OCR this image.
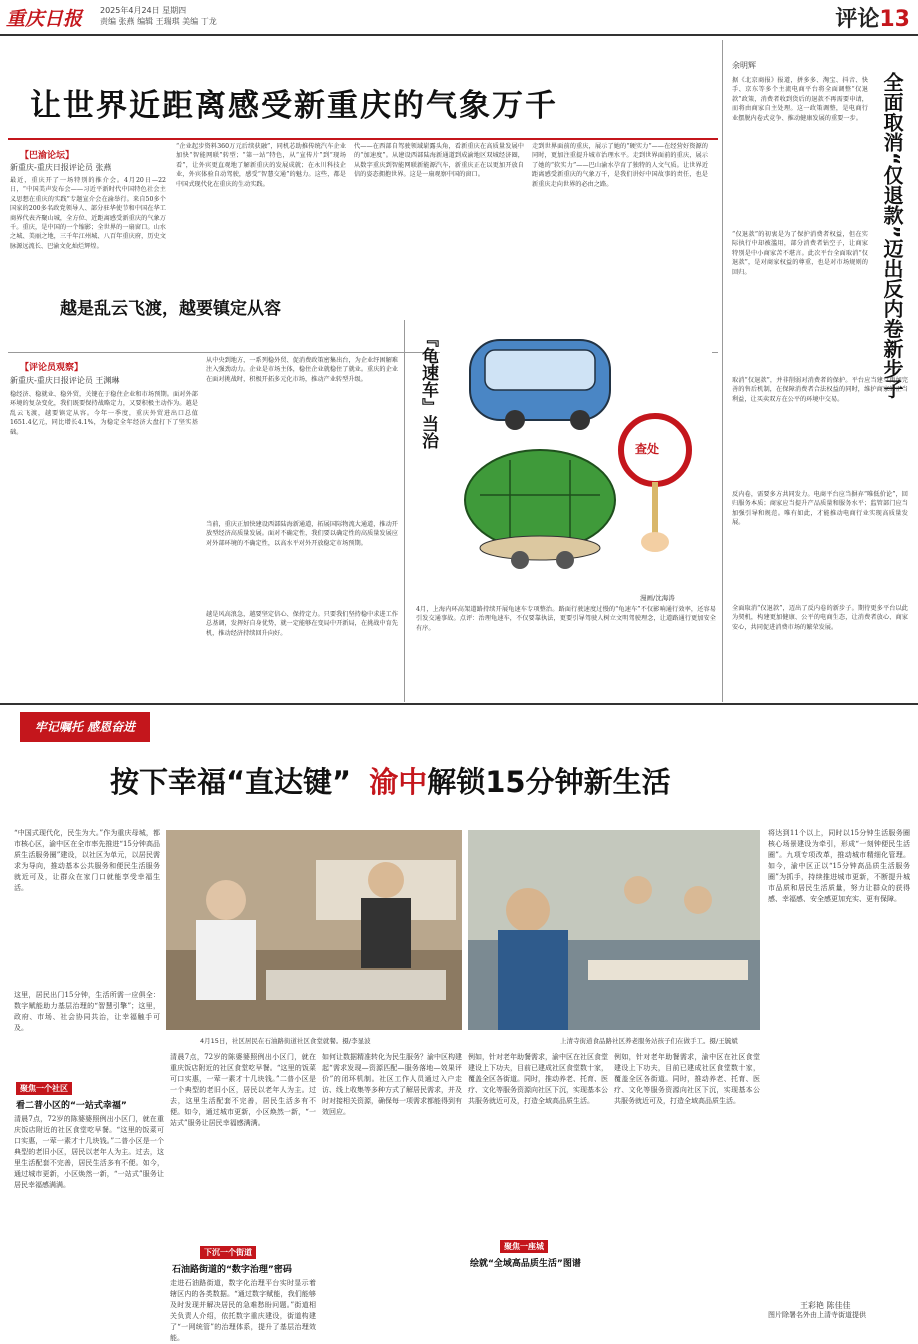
重庆日报 2025年4月24日 星期四
责编 张燕 编辑 王瑞琪 美编 丁龙	评论13
让世界近距离感受新重庆的气象万千
【巴渝论坛】
新重庆-重庆日报评论员 张燕
最近，重庆开了一场特别的推介会。4月20日—22日，“中国美声发布会——习近平新时代中国特色社会主义思想在重庆的实践”专题宣介会在渝举行。来自50多个国家的200多名政党领导人、部分驻华使节和中国在华工商界代表齐聚山城，全方位、近距离感受新重庆的气象万千。重庆，是中国的一个缩影；全世界的一扇窗口。山水之城、美丽之地，三千年江州城、八百年重庆府，历史文脉源远流长、巴渝文化灿烂辉煌。
“企业起步资料360万元后续获融”，同机芯助推传统汽车企业加快“智能网联”转型；“第一站”特色，从“宣传片”到“现场看”，让外宾更直观地了解新重庆的发展成就；在永川科技企业，外宾体验自动驾驶，感受“智慧交通”的魅力。这些，都是中国式现代化在重庆的生动实践。
代——在西部自驾驶领域崭露头角，看新重庆在高质量发展中的“加速度”。从建设西部陆海新通道到成渝地区双城经济圈，从数字重庆到智能网联新能源汽车，新重庆正在以更加开放自信的姿态拥抱世界。这是一扇观察中国的窗口。
走到世界面前的重庆，展示了她的“硬实力”——在经营好资源的同时，更加注重提升城市治理水平。走到世界面前的重庆，展示了她的“软实力”——巴山渝水孕育了独特的人文气质。让世界近距离感受新重庆的气象万千，是我们讲好中国故事的责任，也是新重庆走向世界的必由之路。
越是乱云飞渡，越要镇定从容
【评论员观察】
新重庆-重庆日报评论员 王渊琳
稳经济、稳就业、稳外贸，关键在于稳住企业和市场预期。面对外部环境的复杂变化，我们既要保持战略定力，又要积极主动作为。越是乱云飞渡，越要镇定从容。今年一季度，重庆外贸进出口总值1651.4亿元，同比增长4.1%，为稳定全年经济大盘打下了坚实基础。
从中央到地方，一系列稳外贸、促消费政策密集出台，为企业纾困解难注入强劲动力。企业是市场主体，稳住企业就稳住了就业。重庆的企业在面对挑战时，积极开拓多元化市场，推动产业转型升级。
当前，重庆正加快建设西部陆海新通道，拓展国际物流大通道，推动开放型经济高质量发展。面对不确定性，我们要以确定性的高质量发展应对外部环境的不确定性，以高水平对外开放稳定市场预期。
越是风高浪急，越要坚定信心、保持定力。只要我们坚持稳中求进工作总基调，发挥好自身优势，就一定能够在变局中开新局，在挑战中育先机，推动经济持续回升向好。
『龟速车』当治	查处
漫画/沈海涛
4月，上海内环高架道路持续开展龟速车专项整治。路面行驶速度过慢的“龟速车”不仅影响通行效率，还容易引发交通事故。点评：治理龟速车，不仅要靠执法，更要引导驾驶人树立文明驾驶理念，让道路通行更加安全有序。
余明辉
全面取消“仅退款”迈出反内卷新步子
据《北京商报》报道，拼多多、淘宝、抖音、快手、京东等多个主流电商平台将全面调整“仅退款”政策，消费者收到货后的退款不再需要申请，而将由商家自主处理。这一政策调整，是电商行业摆脱内卷式竞争、推动健康发展的重要一步。
“仅退款”的初衷是为了保护消费者权益，但在实际执行中却被滥用，部分消费者钻空子，让商家特别是中小商家苦不堪言。此次平台全面取消“仅退款”，是对商家权益的尊重，也是对市场规则的回归。
取消“仅退款”，并非削弱对消费者的保护。平台应当建立更加完善的售后机制，在保障消费者合法权益的同时，维护商家的正当利益，让买卖双方在公平的环境中交易。
反内卷，需要多方共同发力。电商平台应当摒弃“唯低价论”，回归服务本质；商家应当提升产品质量和服务水平；监管部门应当加强引导和规范。唯有如此，才能推动电商行业实现高质量发展。
全面取消“仅退款”，迈出了反内卷的新步子。期待更多平台以此为契机，构建更加健康、公平的电商生态，让消费者放心、商家安心，共同促进消费市场的繁荣发展。
牢记嘱托 感恩奋进
按下幸福“直达键” 渝中解锁15分钟新生活
“中国式现代化，民生为大。”作为重庆母城，都市核心区，渝中区在全市率先推进“15分钟高品质生活服务圈”建设，以社区为单元，以居民需求为导向，推动基本公共服务和便民生活服务就近可及，让群众在家门口就能享受幸福生活。
这里，居民出门15分钟，生活所需一应俱全：数字赋能助力基层治理的“智慧引擎”；这里，政府、市场、社会协同共治，让幸福触手可及。
4月15日，社区居民在石油路街道社区食堂就餐。摄/李显波	上清寺街道食品路社区养老服务站孩子们在做手工。摄/王毓斌
将达到11个以上，同时以15分钟生活服务圈核心场景建设为牵引，形成“一刻钟便民生活圈”。九项专项改革，推动城市精细化管理。如今，渝中区正以“15分钟高品质生活服务圈”为抓手，持续推进城市更新，不断提升城市品质和居民生活质量，努力让群众的获得感、幸福感、安全感更加充实、更有保障。
聚焦一个社区
看二普小区的“一站式幸福”
清晨7点，72岁的陈婆婆照例出小区门，就在重庆饭店附近的社区食堂吃早餐。“这里的饭菜可口实惠，一荤一素才十几块钱。”二普小区是一个典型的老旧小区，居民以老年人为主。过去，这里生活配套不完善，居民生活多有不便。如今，通过城市更新，小区焕然一新，“一站式”服务让居民幸福感满满。
清晨7点，72岁的陈婆婆照例出小区门，就在重庆饭店附近的社区食堂吃早餐。“这里的饭菜可口实惠，一荤一素才十几块钱。”二普小区是一个典型的老旧小区，居民以老年人为主。过去，这里生活配套不完善，居民生活多有不便。如今，通过城市更新，小区焕然一新，“一站式”服务让居民幸福感满满。
下沉一个街道
石油路街道的“数字治理”密码
走进石油路街道，数字化治理平台实时显示着辖区内的各类数据。“通过数字赋能，我们能够及时发现并解决居民的急难愁盼问题。”街道相关负责人介绍，依托数字重庆建设，街道构建了“一网统管”的治理体系，提升了基层治理效能。
如何让数据精准转化为民生服务？渝中区构建起“需求发现—资源匹配—服务落地—效果评价”的闭环机制。社区工作人员通过入户走访、线上收集等多种方式了解居民需求，并及时对接相关资源，确保每一项需求都能得到有效回应。
例如，针对老年助餐需求，渝中区在社区食堂建设上下功夫，目前已建成社区食堂数十家，覆盖全区各街道。同时，推动养老、托育、医疗、文化等服务资源向社区下沉，实现基本公共服务就近可及，打造全域高品质生活。
聚焦一座城
绘就“全域高品质生活”图谱
例如，针对老年助餐需求，渝中区在社区食堂建设上下功夫，目前已建成社区食堂数十家，覆盖全区各街道。同时，推动养老、托育、医疗、文化等服务资源向社区下沉，实现基本公共服务就近可及，打造全域高品质生活。
王彩艳 陈佳佳
图片除署名外由上清寺街道提供
